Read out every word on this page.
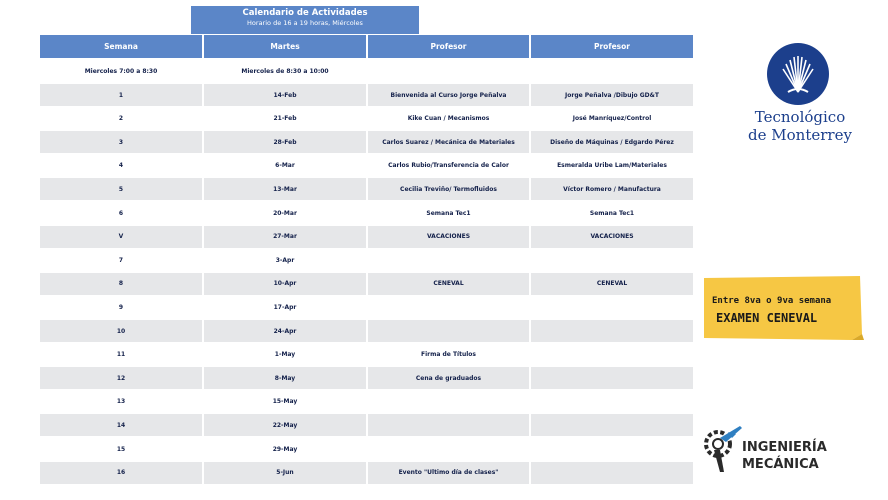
Calendario de Actividades
Horario de 16 a 19 horas, Miércoles
Semana	Martes	Profesor	Profesor
Miercoles 7:00 a 8:30	Miercoles de 8:30 a 10:00
1	14-Feb	Bienvenida al Curso Jorge Peñalva	Jorge Peñalva /Dibujo GD&T
2	21-Feb	Kike Cuan / Mecanismos	José Manríquez/Control
3	28-Feb	Carlos Suarez / Mecánica de Materiales	Diseño de Máquinas / Edgardo Pérez
4	6-Mar	Carlos Rubio/Transferencia de Calor	Esmeralda Uribe Lam/Materiales
5	13-Mar	Cecilia Treviño/ Termofluidos	Víctor Romero / Manufactura
6	20-Mar	Semana Tec1	Semana Tec1
V	27-Mar	VACACIONES	VACACIONES
7	3-Apr
8	10-Apr	CENEVAL	CENEVAL
9	17-Apr
10	24-Apr
11	1-May	Firma de Títulos
12	8-May	Cena de graduados
13	15-May
14	22-May
15	29-May
16	5-Jun	Evento "Ultimo día de clases"
Tecnológico
de Monterrey
Entre 8va o 9va semana
EXAMEN CENEVAL
INGENIERÍA
MECÁNICA
